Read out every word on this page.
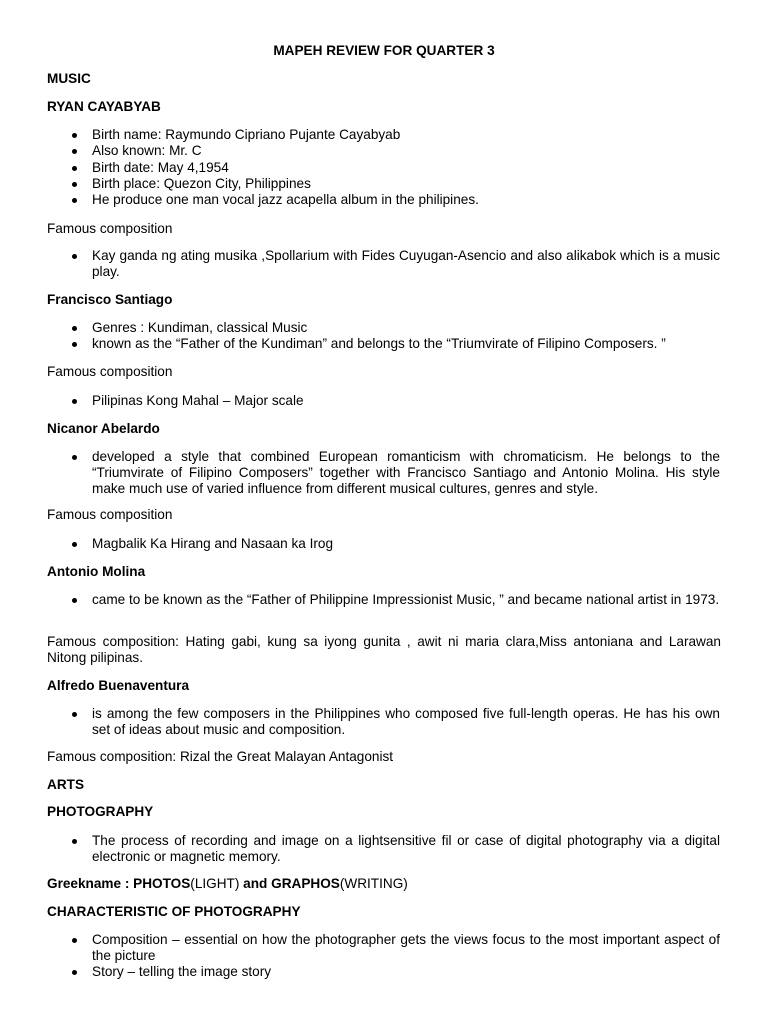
MAPEH REVIEW FOR QUARTER 3
MUSIC
RYAN CAYABYAB
Birth name: Raymundo Cipriano Pujante Cayabyab
Also known: Mr. C
Birth date: May 4,1954
Birth place: Quezon City, Philippines
He produce one man vocal jazz acapella album in the philipines.
Famous composition
Kay ganda ng ating musika ,Spollarium with Fides Cuyugan-Asencio and also alikabok which is a music play.
Francisco Santiago
Genres : Kundiman, classical Music
known as the “Father of the Kundiman” and belongs to the “Triumvirate of Filipino Composers. ”
Famous composition
Pilipinas Kong Mahal – Major scale
Nicanor Abelardo
developed a style that combined European romanticism with chromaticism. He belongs to the “Triumvirate of Filipino Composers” together with Francisco Santiago and Antonio Molina. His style make much use of varied influence from different musical cultures, genres and style.
Famous composition
Magbalik Ka Hirang and Nasaan ka Irog
Antonio Molina
came to be known as the “Father of Philippine Impressionist Music, ” and became national artist in 1973.
Famous composition: Hating gabi, kung sa iyong gunita , awit ni maria clara,Miss antoniana and Larawan Nitong pilipinas.
Alfredo Buenaventura
is among the few composers in the Philippines who composed five full-length operas. He has his own set of ideas about music and composition.
Famous composition: Rizal the Great Malayan Antagonist
ARTS
PHOTOGRAPHY
The process of recording and image on a lightsensitive fil or case of digital photography via a digital electronic or magnetic memory.
Greekname : PHOTOS(LIGHT) and GRAPHOS(WRITING)
CHARACTERISTIC OF PHOTOGRAPHY
Composition – essential on how the photographer gets the views focus to the most important aspect of the picture
Story – telling the image story
